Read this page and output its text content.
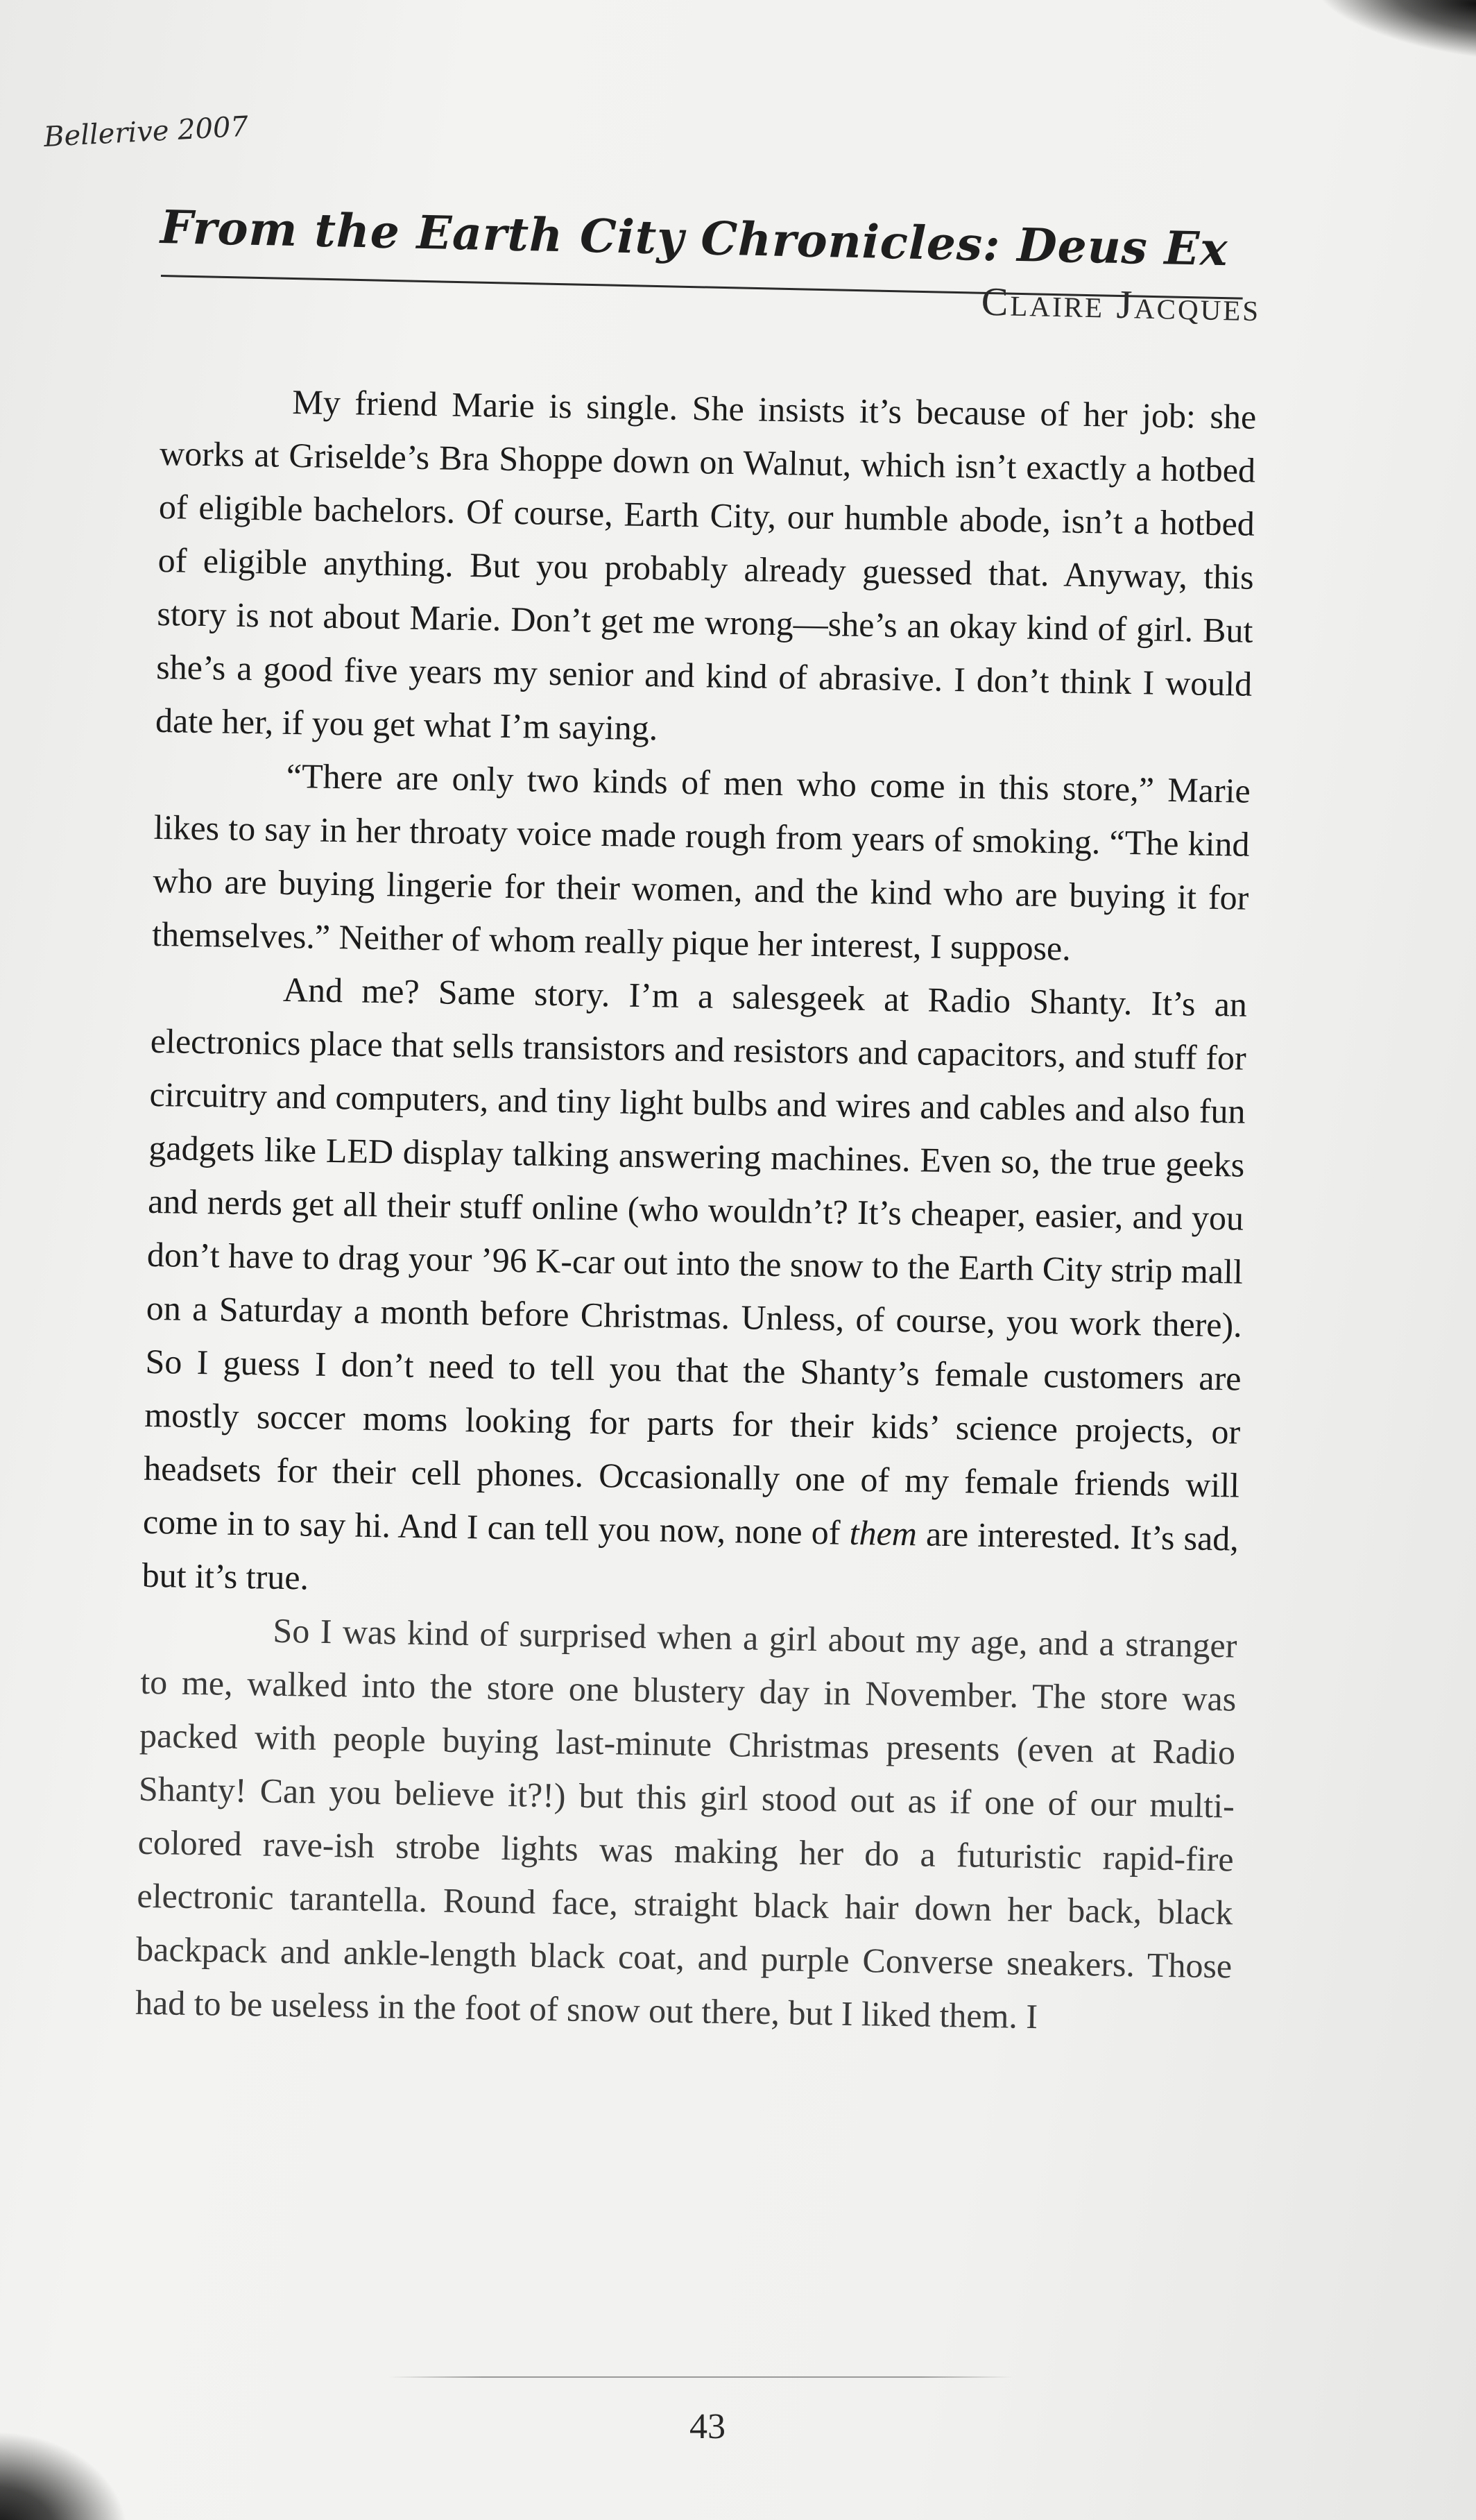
Bellerive 2007
From the Earth City Chronicles: Deus Ex
Claire Jacques

My friend Marie is single. She insists it’s because of her job: she works at Griselde’s Bra Shoppe down on Walnut, which isn’t exactly a hotbed of eligible bachelors. Of course, Earth City, our humble abode, isn’t a hotbed of eligible anything. But you probably already guessed that. Anyway, this story is not about Marie. Don’t get me wrong—she’s an okay kind of girl. But she’s a good five years my senior and kind of abrasive. I don’t think I would date her, if you get what I’m saying.

“There are only two kinds of men who come in this store,” Marie likes to say in her throaty voice made rough from years of smoking. “The kind who are buying lingerie for their women, and the kind who are buying it for themselves.” Neither of whom really pique her interest, I suppose.

And me? Same story. I’m a salesgeek at Radio Shanty. It’s an electronics place that sells transistors and resistors and capacitors, and stuff for circuitry and computers, and tiny light bulbs and wires and cables and also fun gadgets like LED display talking answering machines. Even so, the true geeks and nerds get all their stuff online (who wouldn’t? It’s cheaper, easier, and you don’t have to drag your ’96 K-car out into the snow to the Earth City strip mall on a Saturday a month before Christmas. Unless, of course, you work there). So I guess I don’t need to tell you that the Shanty’s female customers are mostly soccer moms looking for parts for their kids’ science projects, or headsets for their cell phones. Occasionally one of my female friends will come in to say hi. And I can tell you now, none of them are interested. It’s sad, but it’s true.

So I was kind of surprised when a girl about my age, and a stranger to me, walked into the store one blustery day in November. The store was packed with people buying last-minute Christmas presents (even at Radio Shanty! Can you believe it?!) but this girl stood out as if one of our multi-colored rave-ish strobe lights was making her do a futuristic rapid-fire electronic tarantella. Round face, straight black hair down her back, black backpack and ankle-length black coat, and purple Converse sneakers. Those had to be useless in the foot of snow out there, but I liked them. I

43
